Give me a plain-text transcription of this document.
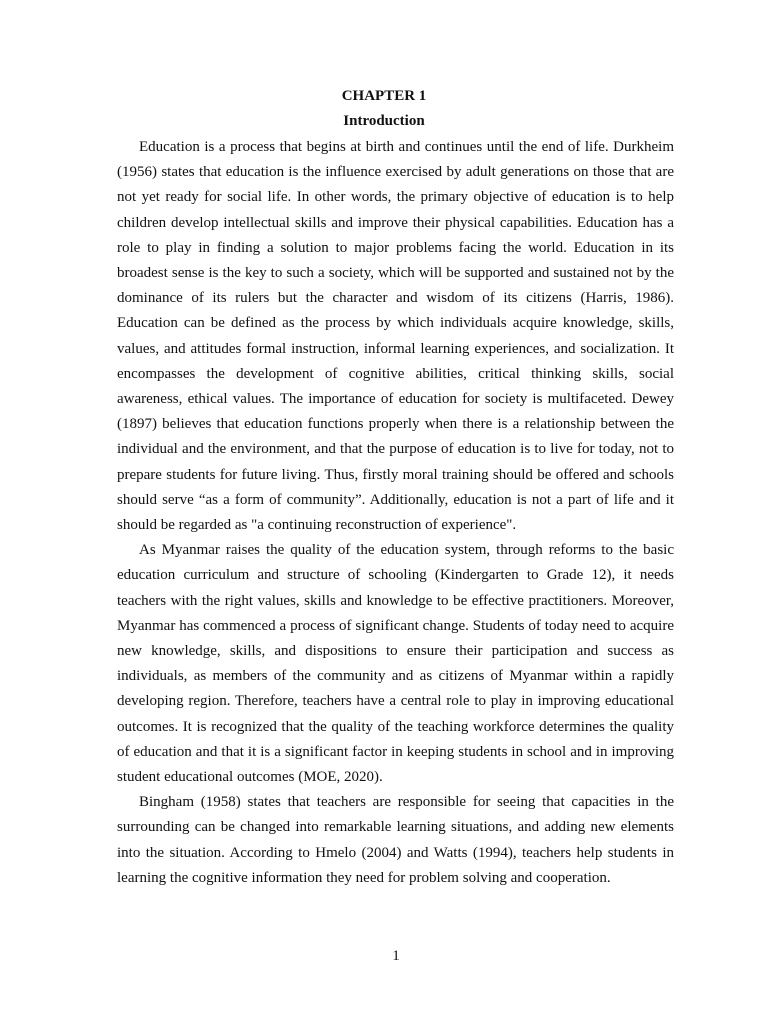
CHAPTER 1
Introduction

Education is a process that begins at birth and continues until the end of life. Durkheim (1956) states that education is the influence exercised by adult generations on those that are not yet ready for social life. In other words, the primary objective of education is to help children develop intellectual skills and improve their physical capabilities. Education has a role to play in finding a solution to major problems facing the world. Education in its broadest sense is the key to such a society, which will be supported and sustained not by the dominance of its rulers but the character and wisdom of its citizens (Harris, 1986). Education can be defined as the process by which individuals acquire knowledge, skills, values, and attitudes formal instruction, informal learning experiences, and socialization. It encompasses the development of cognitive abilities, critical thinking skills, social awareness, ethical values. The importance of education for society is multifaceted. Dewey (1897) believes that education functions properly when there is a relationship between the individual and the environment, and that the purpose of education is to live for today, not to prepare students for future living. Thus, firstly moral training should be offered and schools should serve “as a form of community”. Additionally, education is not a part of life and it should be regarded as "a continuing reconstruction of experience".

As Myanmar raises the quality of the education system, through reforms to the basic education curriculum and structure of schooling (Kindergarten to Grade 12), it needs teachers with the right values, skills and knowledge to be effective practitioners. Moreover, Myanmar has commenced a process of significant change. Students of today need to acquire new knowledge, skills, and dispositions to ensure their participation and success as individuals, as members of the community and as citizens of Myanmar within a rapidly developing region. Therefore, teachers have a central role to play in improving educational outcomes. It is recognized that the quality of the teaching workforce determines the quality of education and that it is a significant factor in keeping students in school and in improving student educational outcomes (MOE, 2020).

Bingham (1958) states that teachers are responsible for seeing that capacities in the surrounding can be changed into remarkable learning situations, and adding new elements into the situation. According to Hmelo (2004) and Watts (1994), teachers help students in learning the cognitive information they need for problem solving and cooperation.

1
